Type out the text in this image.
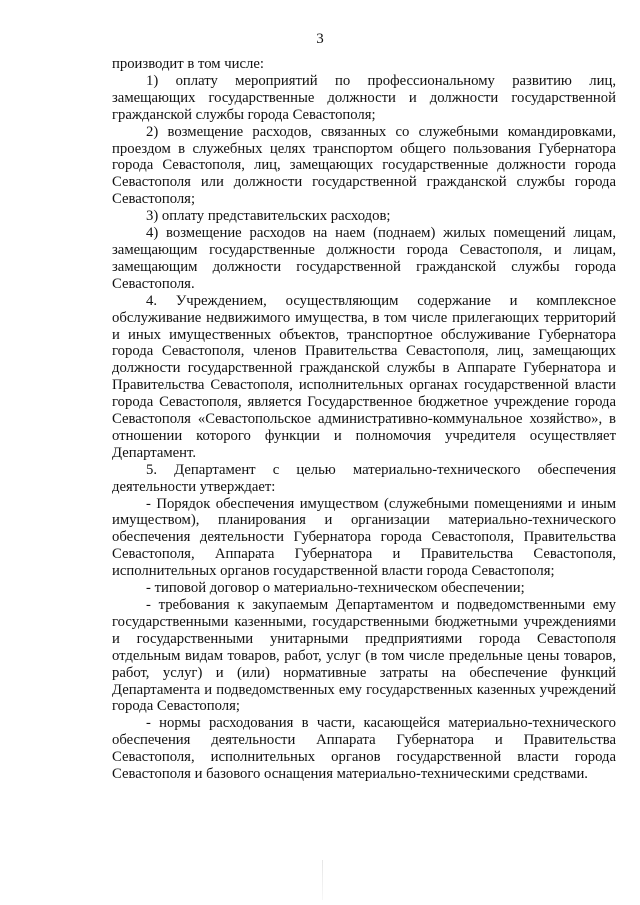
3

производит в том числе:

1) оплату мероприятий по профессиональному развитию лиц, замещающих государственные должности и должности государственной гражданской службы города Севастополя;

2) возмещение расходов, связанных со служебными командировками, проездом в служебных целях транспортом общего пользования Губернатора города Севастополя, лиц, замещающих государственные должности города Севастополя или должности государственной гражданской службы города Севастополя;

3) оплату представительских расходов;

4) возмещение расходов на наем (поднаем) жилых помещений лицам, замещающим государственные должности города Севастополя, и лицам, замещающим должности государственной гражданской службы города Севастополя.

4. Учреждением, осуществляющим содержание и комплексное обслуживание недвижимого имущества, в том числе прилегающих территорий и иных имущественных объектов, транспортное обслуживание Губернатора города Севастополя, членов Правительства Севастополя, лиц, замещающих должности государственной гражданской службы в Аппарате Губернатора и Правительства Севастополя, исполнительных органах государственной власти города Севастополя, является Государственное бюджетное учреждение города Севастополя «Севастопольское административно-коммунальное хозяйство», в отношении которого функции и полномочия учредителя осуществляет Департамент.

5. Департамент с целью материально-технического обеспечения деятельности утверждает:

- Порядок обеспечения имуществом (служебными помещениями и иным имуществом), планирования и организации материально-технического обеспечения деятельности Губернатора города Севастополя, Правительства Севастополя, Аппарата Губернатора и Правительства Севастополя, исполнительных органов государственной власти города Севастополя;

- типовой договор о материально-техническом обеспечении;

- требования к закупаемым Департаментом и подведомственными ему государственными казенными, государственными бюджетными учреждениями и государственными унитарными предприятиями города Севастополя отдельным видам товаров, работ, услуг (в том числе предельные цены товаров, работ, услуг) и (или) нормативные затраты на обеспечение функций Департамента и подведомственных ему государственных казенных учреждений города Севастополя;

- нормы расходования в части, касающейся материально-технического обеспечения деятельности Аппарата Губернатора и Правительства Севастополя, исполнительных органов государственной власти города Севастополя и базового оснащения материально-техническими средствами.
